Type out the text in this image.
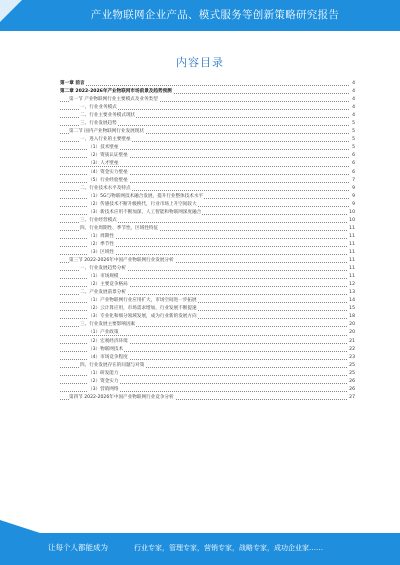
产业物联网企业产品、模式服务等创新策略研究报告
内容目录
第一章 前言	4
第二章 2022-2026年产业物联网市场前景及趋势预测	4
第一节 产业物联网行业主要模式及业务类型	4
一、行业业务模式	4
二、行业主要业务模式现状	4
三、行业发展趋势	5
第二节 国内产业物联网行业发展现状	5
一、进入行业的主要壁垒	5
（1）技术壁垒	5
（2）资质认证壁垒	6
（3）人才壁垒	6
（4）资金实力壁垒	6
（5）行业经验壁垒	7
二、行业技术水平及特点	9
（1）5G与物联网技术融合发展，提升行业整体技术水平	9
（2）传感技术不断升级换代，行业市场上升空间较大	9
（3）新技术应用不断加深，人工智能和物联网深度融合	10
三、行业经营模式	10
四、行业周期性、季节性、区域性特征	11
（1）周期性	11
（2）季节性	11
（3）区域性	11
第三节 2022-2026年中国产业物联网行业发展分析	11
一、行业发展趋势分析	11
（1）市场规模	11
（2）主要竞争格局	12
二、产业发展前景分析	13
（1）产业物联网行业应用扩大，市场空间进一步拓展	14
（2）云计算应用，市场需求增加，行业发展不断提速	15
（3）专业化和细分领域发展，成为行业新的发展方向	18
三、行业发展主要影响因素	20
（1）产业政策	20
（2）宏观经济环境	21
（3）物联网技术	22
（4）市场竞争程度	23
四、行业发展存在的问题与对策	25
（1）研发能力	25
（2）资金实力	26
（3）营销网络	26
第四节 2022-2026年中国产业物联网行业竞争分析	27
让每个人都能成为	行业专家，管理专家，营销专家，战略专家，成功企业家……
